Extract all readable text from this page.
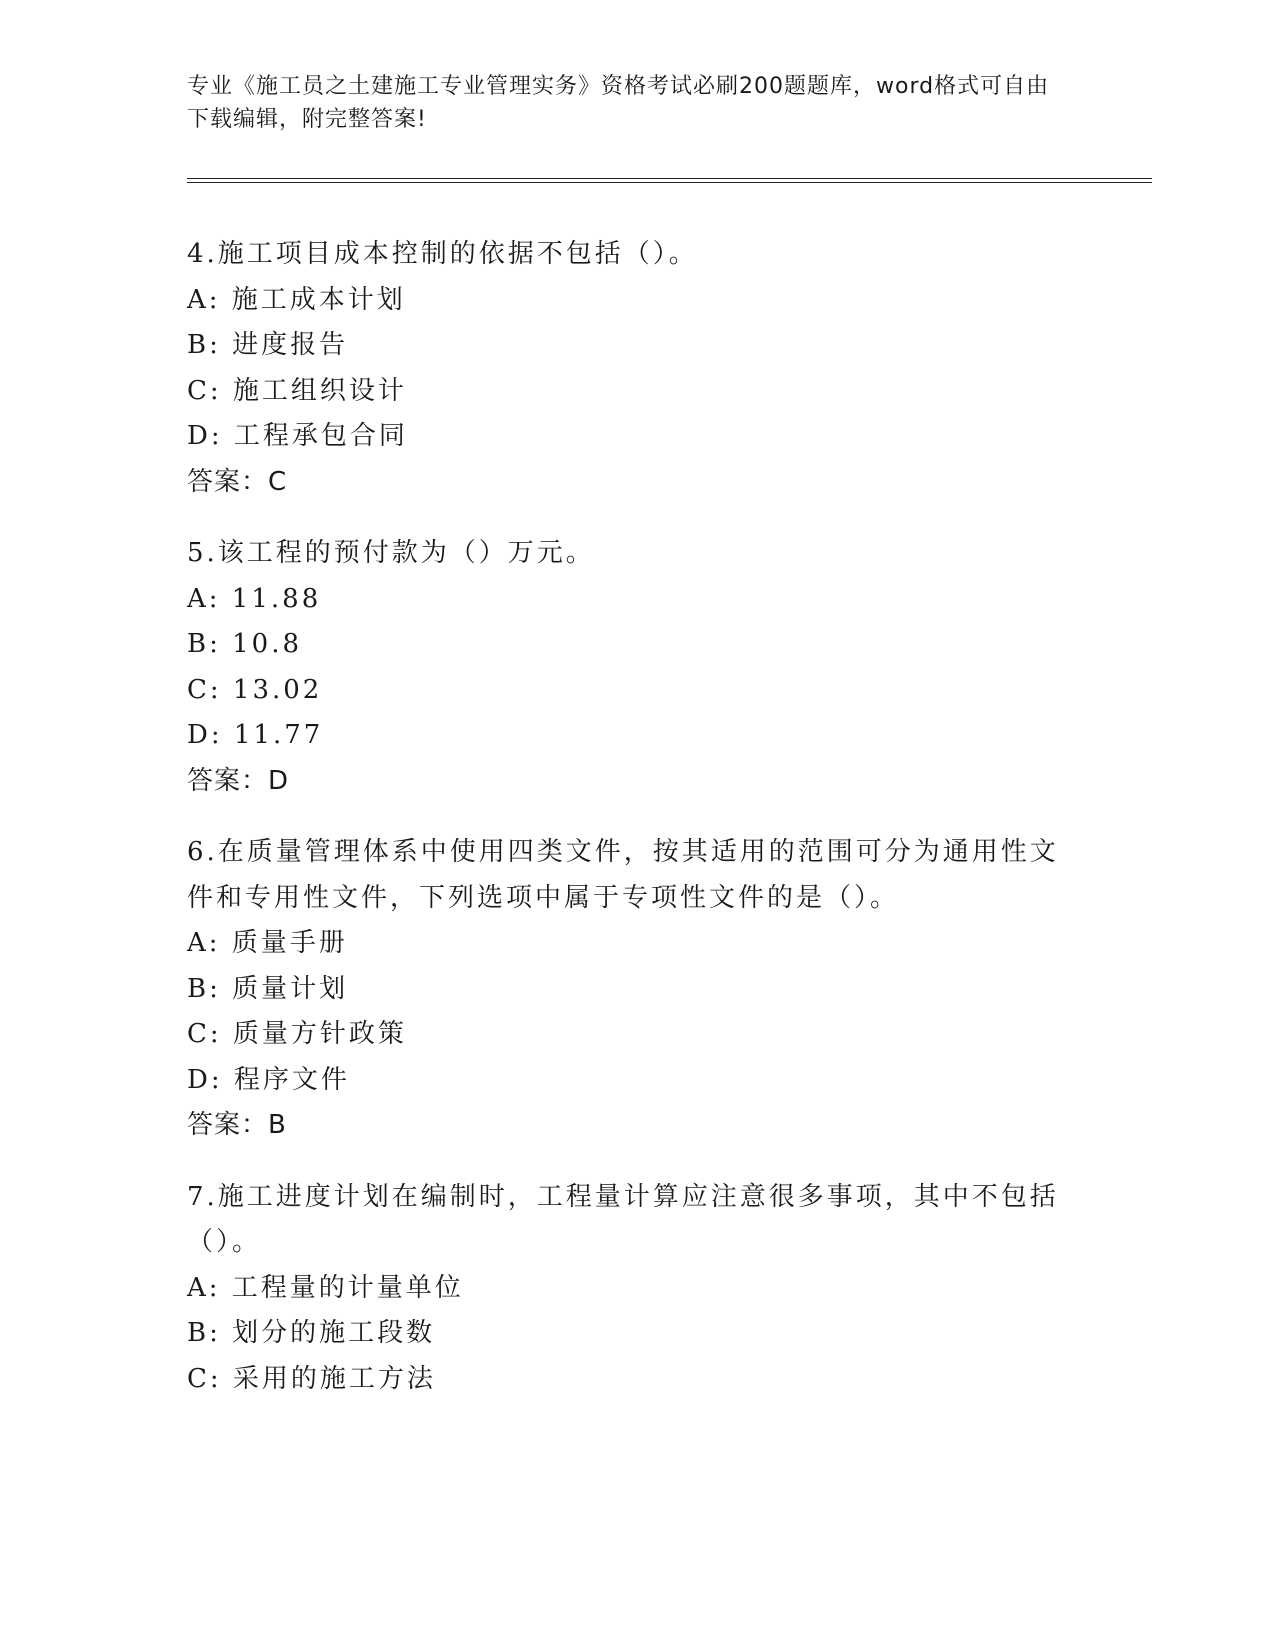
专业《施工员之土建施工专业管理实务》资格考试必刷200题题库，word格式可自由下载编辑，附完整答案!
4.施工项目成本控制的依据不包括（）。
A: 施工成本计划
B: 进度报告
C: 施工组织设计
D: 工程承包合同
答案：C
5.该工程的预付款为（）万元。
A: 11.88
B: 10.8
C: 13.02
D: 11.77
答案：D
6.在质量管理体系中使用四类文件，按其适用的范围可分为通用性文件和专用性文件，下列选项中属于专项性文件的是（）。
A: 质量手册
B: 质量计划
C: 质量方针政策
D: 程序文件
答案：B
7.施工进度计划在编制时，工程量计算应注意很多事项，其中不包括（）。
A: 工程量的计量单位
B: 划分的施工段数
C: 采用的施工方法
